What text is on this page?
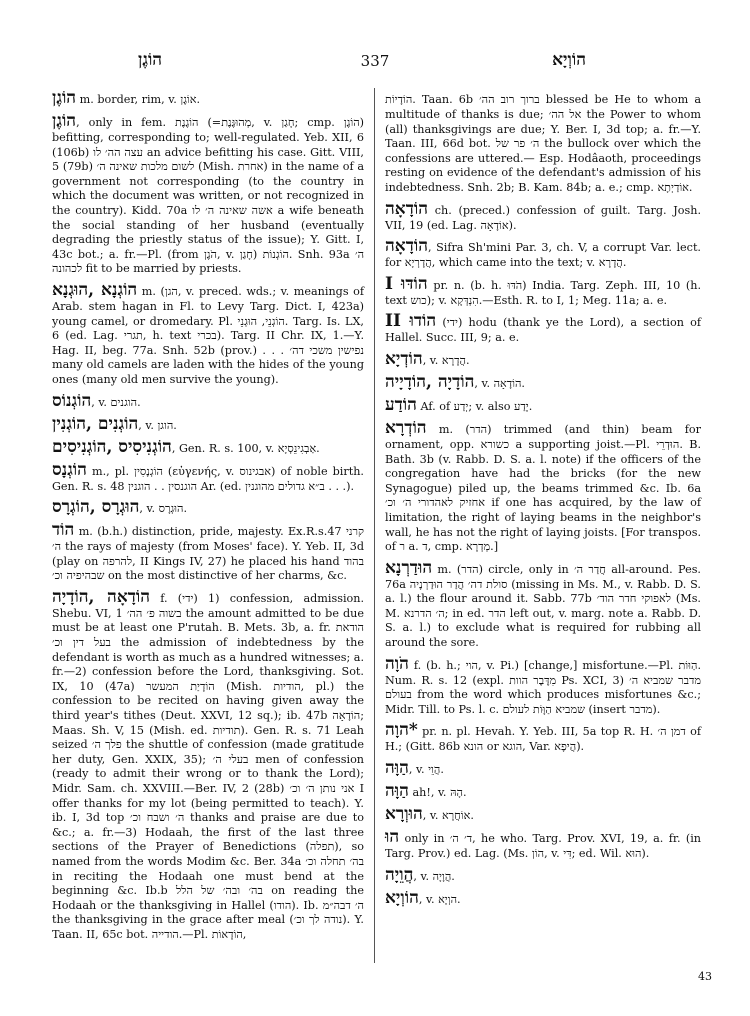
הוֹגֶן	337	הוֹוְיָא

הוֹגֶן m. border, rim, v. אוֹגֶן.

הוֹגֶן, only in fem. הוֹגֶנֶת (=מְהוּגֶּנֶת, v. חָגַן; cmp. הוֹגֶן) befitting, corresponding to; well-regulated. Yeb. XII, 6 (106b) עצה הה׳ לו an advice befitting his case. Gitt. VIII, 5 (79b) לשום מלכות שאינה ה׳ (Mish. אחרת) in the name of a government not corresponding (to the country in which the document was written, or not recognized in the country). Kidd. 70a אשה שאינה ה׳ לו a wife beneath the social standing of her husband (eventually degrading the priestly status of the issue); Y. Gitt. I, 43c bot.; a. fr.—Pl. (from הֹגֶן, v. חָגַן) הוֹגְנוֹת. Snh. 93a ה׳ לכהונה fit to be married by priests.

הוֹגְנָא ,הוּגְנָא m. (הגן, v. preced. wds.; v. meanings of Arab. stem hagan in Fl. to Levy Targ. Dict. I, 423a) young camel, or dromedary. Pl. הוֹגְנֵי, הוּגְנֵי. Targ. Is. LX, 6 (ed. Lag. תגרי, h. text בכרי). Targ. II Chr. IX, 1.—Y. Hag. II, beg. 77a. Snh. 52b (prov.) . . . נפישין משכי דה׳ many old camels are laden with the hides of the young ones (many old men survive the young).

הוֹגְנוֹס, v. הוגנים.

הוֹגְנִים ,הוֹגְנִין, v. הוגן.

הוֹגְנִיסִיס ,הוֹגְנִיסִים, Gen. R. s. 100, v. אַבְגִינֵסְיָא.

הוֹגְנָס m., pl. הוֹגְנָסִין (εὐγενής, v. אבגינוס) of noble birth. Gen. R. s. 48 הוגנסין . . הוגנין Ar. (ed. ב״א גדולים מהוגנין . . .).

הוּגְרָס ,הוֹגְרָס, v. הוּגְרָס.

הוֹד m. (b.h.) distinction, pride, majesty. Ex.R.s.47 קרני ה׳ the rays of majesty (from Moses' face). Y. Yeb. II, 3d (play on להרפה, II Kings IV, 27) he placed his hand בהוד שבהיפיה וכ׳ on the most distinctive of her charms, &c.

הוֹדָאָה ,הוֹדָיָה f. (ידי) 1) confession, admission. Shebu. VI, 1 בשוה פ׳ הה׳ the amount admitted to be due must be at least one P'rutah. B. Mets. 3b, a. fr. הודאת בעל דין וכ׳ the admission of indebtedness by the defendant is worth as much as a hundred witnesses; a. fr.—2) confession before the Lord, thanksgiving. Sot. IX, 10 (47a) הוֹדָיַת המעשר (Mish. הודיות, pl.) the confession to be recited on having given away the third year's tithes (Deut. XXVI, 12 sq.); ib. 47b הוֹדָאָה; Maas. Sh. V, 15 (Mish. ed. תודיות). Gen. R. s. 71 Leah seized פלך ה׳ the shuttle of confession (made gratitude her duty, Gen. XXIX, 35); בעלי ה׳ men of confession (ready to admit their wrong or to thank the Lord); Midr. Sam. ch. XXVIII.—Ber. IV, 2 (28b) אני נותן ה׳ וכ׳ I offer thanks for my lot (being permitted to teach). Y. ib. I, 3d top ה׳ ושבח וכ׳ thanks and praise are due to &c.; a. fr.—3) Hodaah, the first of the last three sections of the Prayer of Benedictions (תפלה), so named from the words Modim &c. Ber. 34a בה׳ תחלה וכ׳ in reciting the Hodaah one must bend at the beginning &c. Ib.b בה׳ ובה׳ של הלל on reading the Hodaah or the thanksgiving in Hallel (הודו). Ib. ה׳ דבה״מ the thanksgiving in the grace after meal (נודה לך וכ׳). Y. Taan. II, 65c bot. הודייה.—Pl. הוֹדָאוֹת,

הוֹדָיוֹת. Taan. 6b ברוך רוב הה׳ blessed be He to whom a multitude of thanks is due; אל הה׳ the Power to whom (all) thanksgivings are due; Y. Ber. I, 3d top; a. fr.—Y. Taan. III, 66d bot. ה׳ פר של the bullock over which the confessions are uttered.— Esp. Hodâaoth, proceedings resting on evidence of the defendant's admission of his indebtedness. Snh. 2b; B. Kam. 84b; a. e.; cmp. אוֹדַיְתָא.

הוֹדָאָה ch. (preced.) confession of guilt. Targ. Josh. VII, 19 (ed. Lag. אוֹדָאָה).

הוֹדָאָה, Sifra Sh'mini Par. 3, ch. V, a corrupt Var. lect. for הֲדָרְיָא, which came into the text; v. הֲדָרָא.

הוֹדּוּ I pr. n. (b. h. הֹדּוּ) India. Targ. Zeph. III, 10 (h. text כוש); v. הִנְדְּקָא.—Esth. R. to I, 1; Meg. 11a; a. e.

הוֹדוּ II (ידי) hodu (thank ye the Lord), a section of Hallel. Succ. III, 9; a. e.

הוֹדְיָא, v. הֲדָרָא.

הוֹדָיָה ,הוֹדָיָיה, v. הוֹדָאָה.

הוֹדַע Af. of יְדַע; v. also יָדַע.

הוֹדְרָא m. (הדר) trimmed (and thin) beam for ornament, opp. כשורא a supporting joist.—Pl. הוּדְרֵי. B. Bath. 3b (v. Rabb. D. S. a. l. note) if the officers of the congregation have had the bricks (for the new Synagogue) piled up, the beams trimmed &c. Ib. 6a אחזיק לאהדורי ה׳ וכ׳ if one has acquired, by the law of limitation, the right of laying beams in the neighbor's wall, he has not the right of laying joists. [For transpos. of ר a. ד, cmp. מְדְרָא.]

הוּדַרְנָא m. (הדר) circle, only in חֲדַר ה׳ all-around. Pes. 76a סולת דה׳ הֲדַר הוּדַרְנָיה (missing in Ms. M., v. Rabb. D. S. a. l.) the flour around it. Sabb. 77b לאפוקי חדר הוד׳ (Ms. M. ה׳ הדרנא; in ed. הדר left out, v. marg. note a. Rabb. D. S. a. l.) to exclude what is required for rubbing all around the sore.

הֹוָה f. (b. h.; הוי, v. Pi.) [change,] misfortune.—Pl. הַוּוֹת. Num. R. s. 12 (expl. מִדֶּבֶר הוות Ps. XCI, 3) מדבר שמביא ה׳ בעולם from the word which produces misfortunes &c.; Midr. Till. to Ps. l. c. שמביא הַוָּוֹת לעולם (insert מדבר).

*הוָה pr. n. pl. Hevah. Y. Yeb. III, 5a top R. H. דמן ה׳ of H.; (Gitt. 86b הונא or הוגא, Var. הֲיפָא).

הַוָּה, v. הֲוֵי.

הַוָּה ah!, v. הָהּ.

הוּוְרָא, v. אוֹחֲרָא.

הוּ only in ד׳ ה׳, he who. Targ. Prov. XVI, 19, a. fr. (in Targ. Prov.) ed. Lag. (Ms. הוֹן, v. דִּי; ed. Wil. הוּא).

הֲוֵיָה, v. הֲוָיָה.

הוֹוְיָא, v. הוְיָא.

43
